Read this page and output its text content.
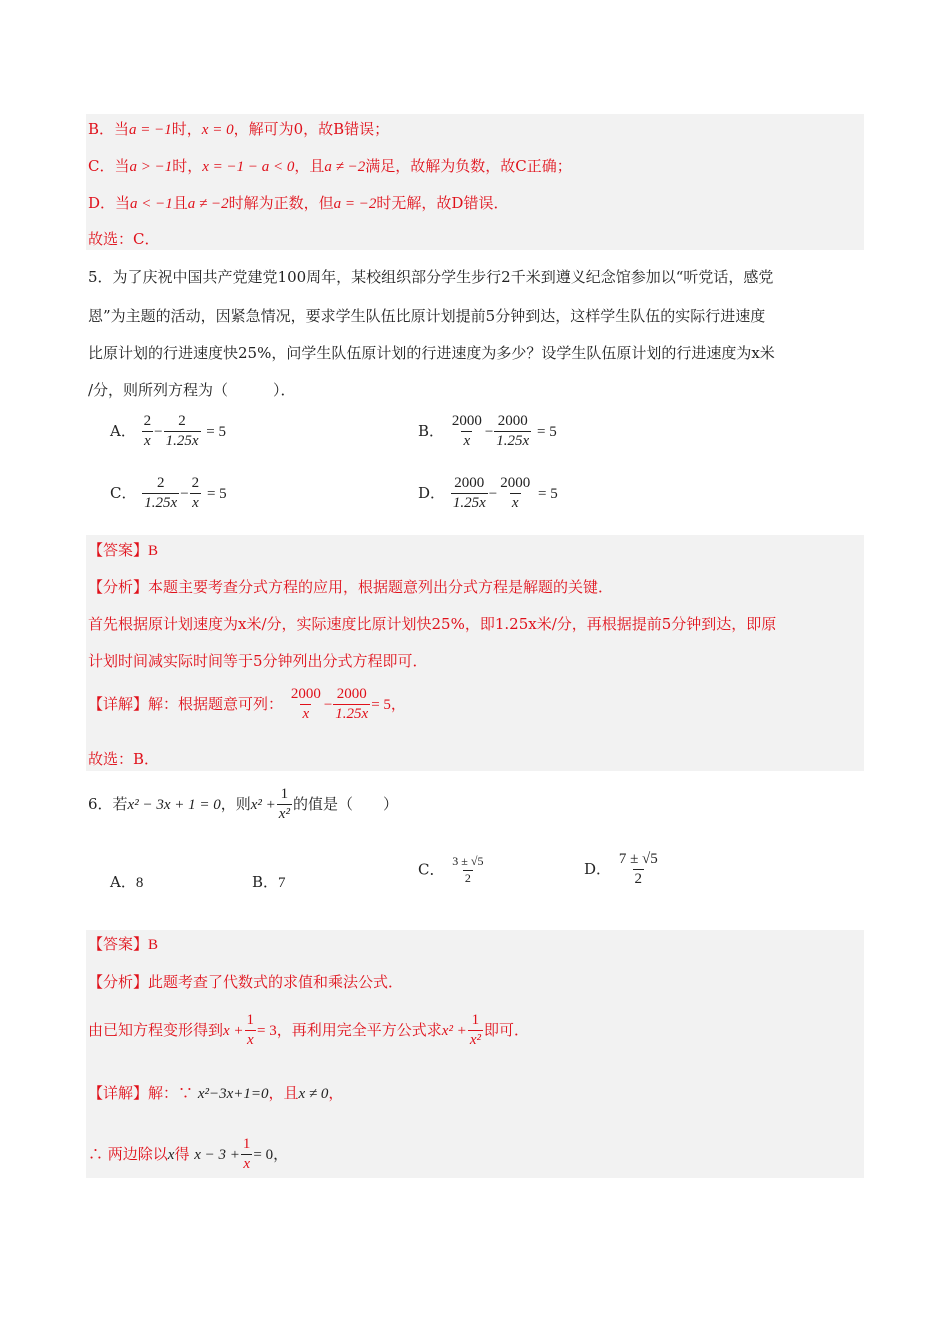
B．当a = −1时，x = 0，解可为0，故B错误；
C．当a > −1时，x = −1 − a < 0，且a ≠ −2满足，故解为负数，故C正确；
D．当a < −1且a ≠ −2时解为正数，但a = −2时无解，故D错误．
故选：C．
5．为了庆祝中国共产党建党100周年，某校组织部分学生步行2千米到遵义纪念馆参加以“听党话，感党
恩”为主题的活动，因紧急情况，要求学生队伍比原计划提前5分钟到达，这样学生队伍的实际行进速度
比原计划的行进速度快25%，问学生队伍原计划的行进速度为多少？设学生队伍原计划的行进速度为x米
/分，则所列方程为（　　　）．
A． $\frac{2}{x} - \frac{2}{1.25x} = 5$	B． $\frac{2000}{x} - \frac{2000}{1.25x} = 5$
C． $\frac{2}{1.25x} - \frac{2}{x} = 5$	D． $\frac{2000}{1.25x} - \frac{2000}{x} = 5$
【答案】B
【分析】本题主要考查分式方程的应用，根据题意列出分式方程是解题的关键．
首先根据原计划速度为x米/分，实际速度比原计划快25%，即1.25x米/分，再根据提前5分钟到达，即原
计划时间减实际时间等于5分钟列出分式方程即可．
【详解】解：根据题意可列： $\frac{2000}{x} - \frac{2000}{1.25x} = 5$，
故选：B．
6．若x² − 3x + 1 = 0，则$x^2 + \frac{1}{\text{x²}}$ 的值是（　　）
A．8	B．7
C． $\frac{3 \pm √5}{2}$	D． $\frac{7 \pm √5}{2}$
【答案】B
【分析】此题考查了代数式的求值和乘法公式．
由已知方程变形得到$x + \frac{1}{x} = 3$，再利用完全平方公式求$x^2 + \frac{1}{\text{x²}}$ 即可．
【详解】解：∵ x²−3x+1=0，且x ≠ 0，
∴ 两边除以x得 $x - 3 + \frac{1}{x} = 0$，
